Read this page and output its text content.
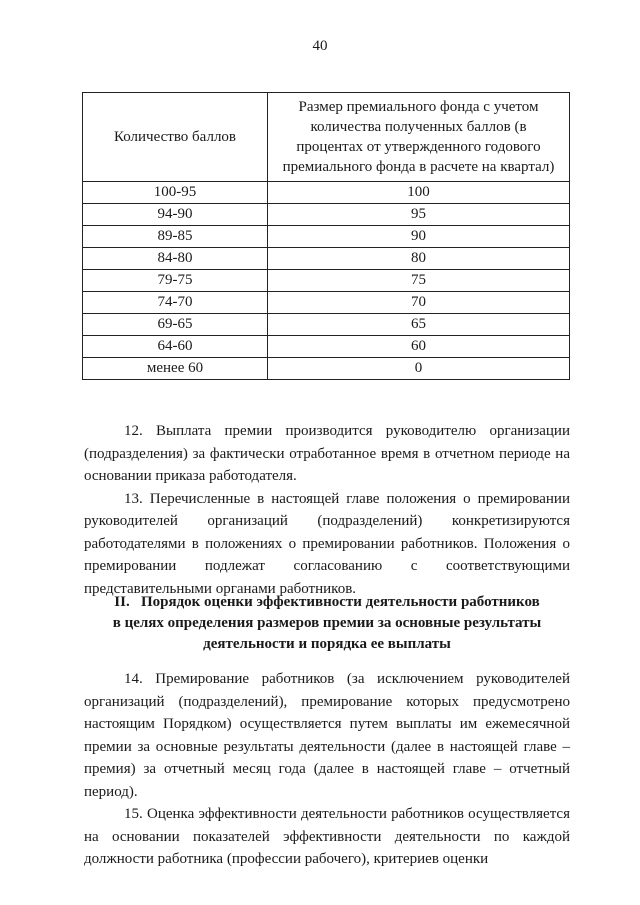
40
Количество баллов	Размер премиального фонда с учетом количества полученных баллов (в процентах от утвержденного годового премиального фонда в расчете на квартал)
100-95	100
94-90	95
89-85	90
84-80	80
79-75	75
74-70	70
69-65	65
64-60	60
менее 60	0

12. Выплата премии производится руководителю организации (подразделения) за фактически отработанное время в отчетном периоде на основании приказа работодателя.

13. Перечисленные в настоящей главе положения о премировании руководителей организаций (подразделений) конкретизируются работодателями в положениях о премировании работников. Положения о премировании подлежат согласованию с соответствующими представительными органами работников.

II.   Порядок оценки эффективности деятельности работников
в целях определения размеров премии за основные результаты
деятельности и порядка ее выплаты

14. Премирование работников (за исключением руководителей организаций (подразделений), премирование которых предусмотрено настоящим Порядком) осуществляется путем выплаты им ежемесячной премии за основные результаты деятельности (далее в настоящей главе – премия) за отчетный месяц года (далее в настоящей главе – отчетный период).

15. Оценка эффективности деятельности работников осуществляется на основании показателей эффективности деятельности по каждой должности работника (профессии рабочего), критериев оценки
